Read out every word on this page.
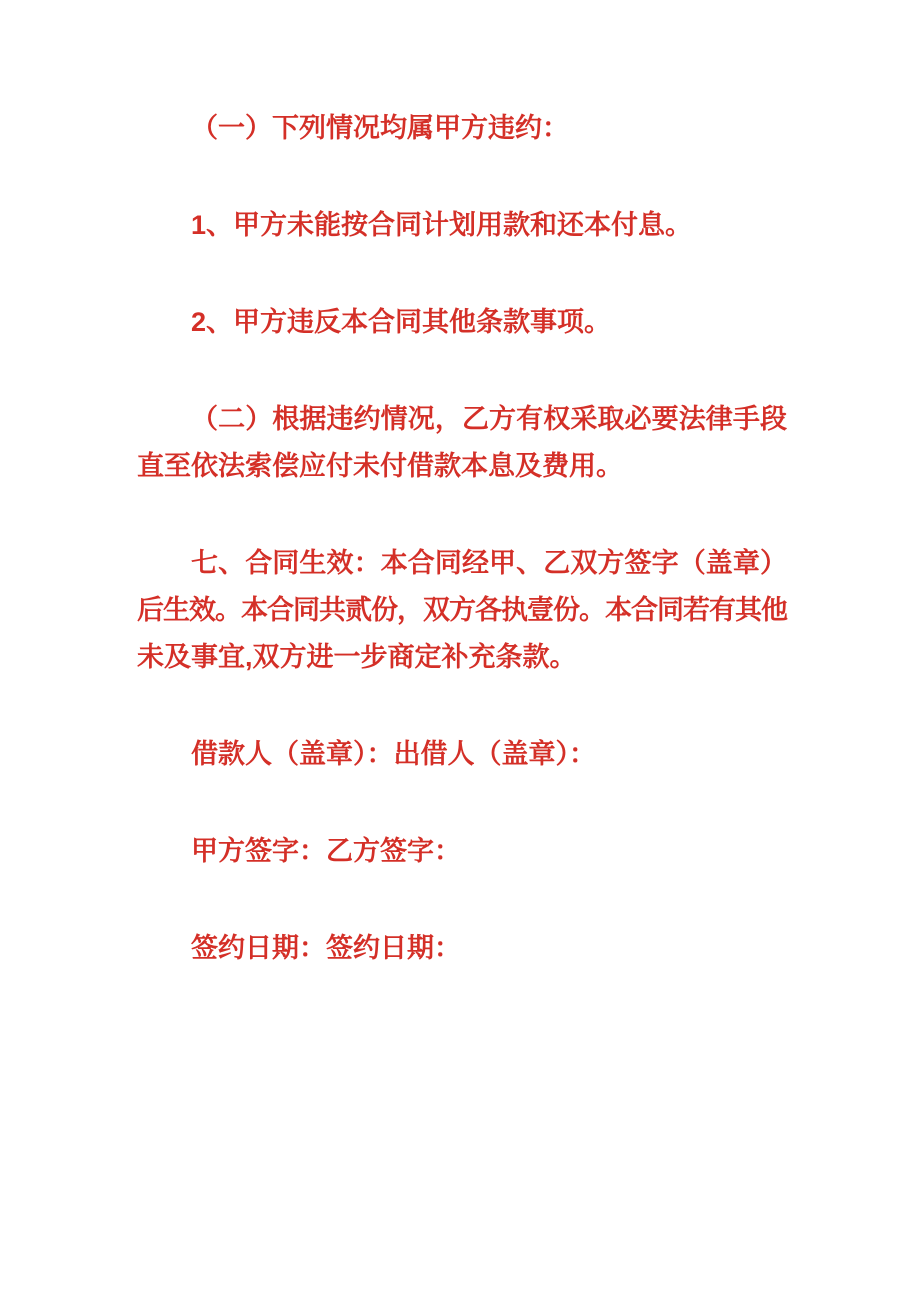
（一）下列情况均属甲方违约：
1、甲方未能按合同计划用款和还本付息。
2、甲方违反本合同其他条款事项。
（二）根据违约情况，乙方有权采取必要法律手段
直至依法索偿应付未付借款本息及费用。
七、合同生效：本合同经甲、乙双方签字（盖章）
后生效。本合同共贰份，双方各执壹份。本合同若有其他
未及事宜,双方进一步商定补充条款。
借款人（盖章）：出借人（盖章）：
甲方签字：乙方签字：
签约日期：签约日期：
